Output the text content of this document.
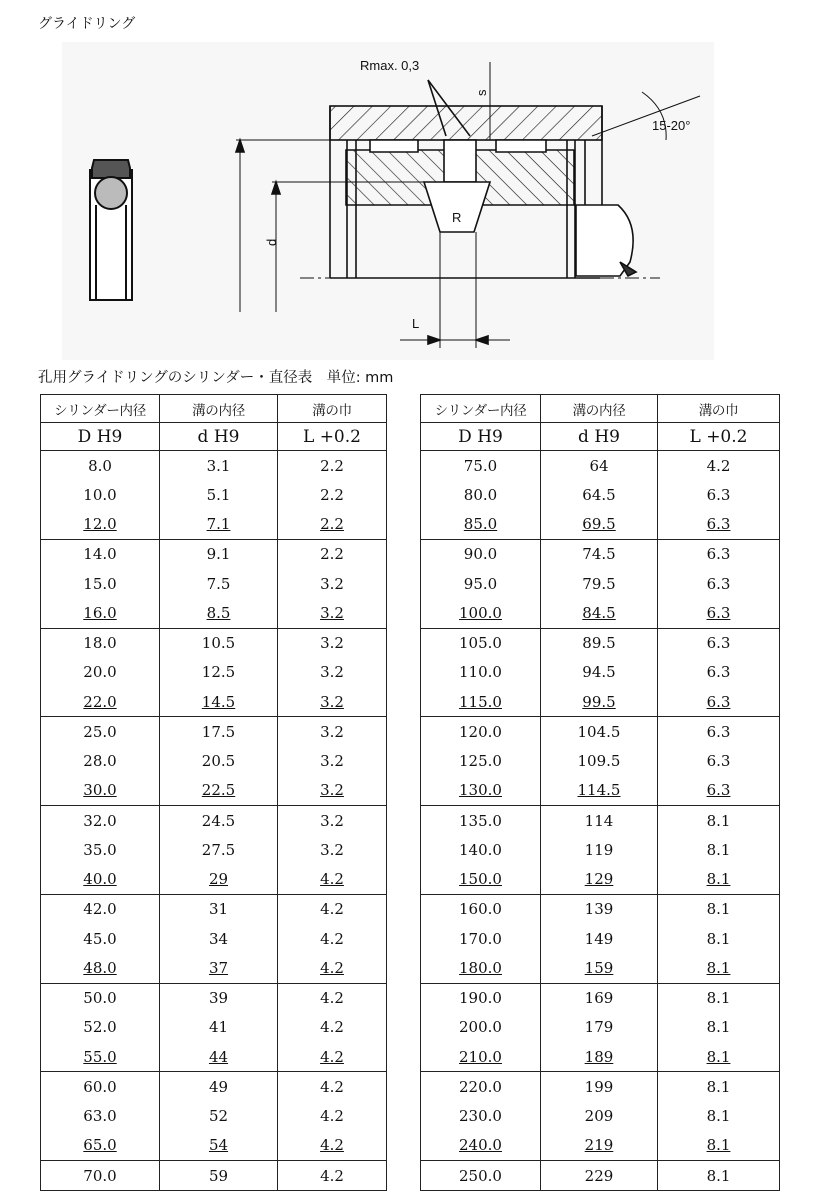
グライドリング
Rmax. 0,3
s
15-20°
d
R
L
孔用グライドリングのシリンダー・直径表　単位: mm
シリンダー内径	溝の内径	溝の巾
D H9	d H9	L +0.2
8.0	3.1	2.2
10.0	5.1	2.2
12.0	7.1	2.2
14.0	9.1	2.2
15.0	7.5	3.2
16.0	8.5	3.2
18.0	10.5	3.2
20.0	12.5	3.2
22.0	14.5	3.2
25.0	17.5	3.2
28.0	20.5	3.2
30.0	22.5	3.2
32.0	24.5	3.2
35.0	27.5	3.2
40.0	29	4.2
42.0	31	4.2
45.0	34	4.2
48.0	37	4.2
50.0	39	4.2
52.0	41	4.2
55.0	44	4.2
60.0	49	4.2
63.0	52	4.2
65.0	54	4.2
70.0	59	4.2
シリンダー内径	溝の内径	溝の巾
D H9	d H9	L +0.2
75.0	64	4.2
80.0	64.5	6.3
85.0	69.5	6.3
90.0	74.5	6.3
95.0	79.5	6.3
100.0	84.5	6.3
105.0	89.5	6.3
110.0	94.5	6.3
115.0	99.5	6.3
120.0	104.5	6.3
125.0	109.5	6.3
130.0	114.5	6.3
135.0	114	8.1
140.0	119	8.1
150.0	129	8.1
160.0	139	8.1
170.0	149	8.1
180.0	159	8.1
190.0	169	8.1
200.0	179	8.1
210.0	189	8.1
220.0	199	8.1
230.0	209	8.1
240.0	219	8.1
250.0	229	8.1
